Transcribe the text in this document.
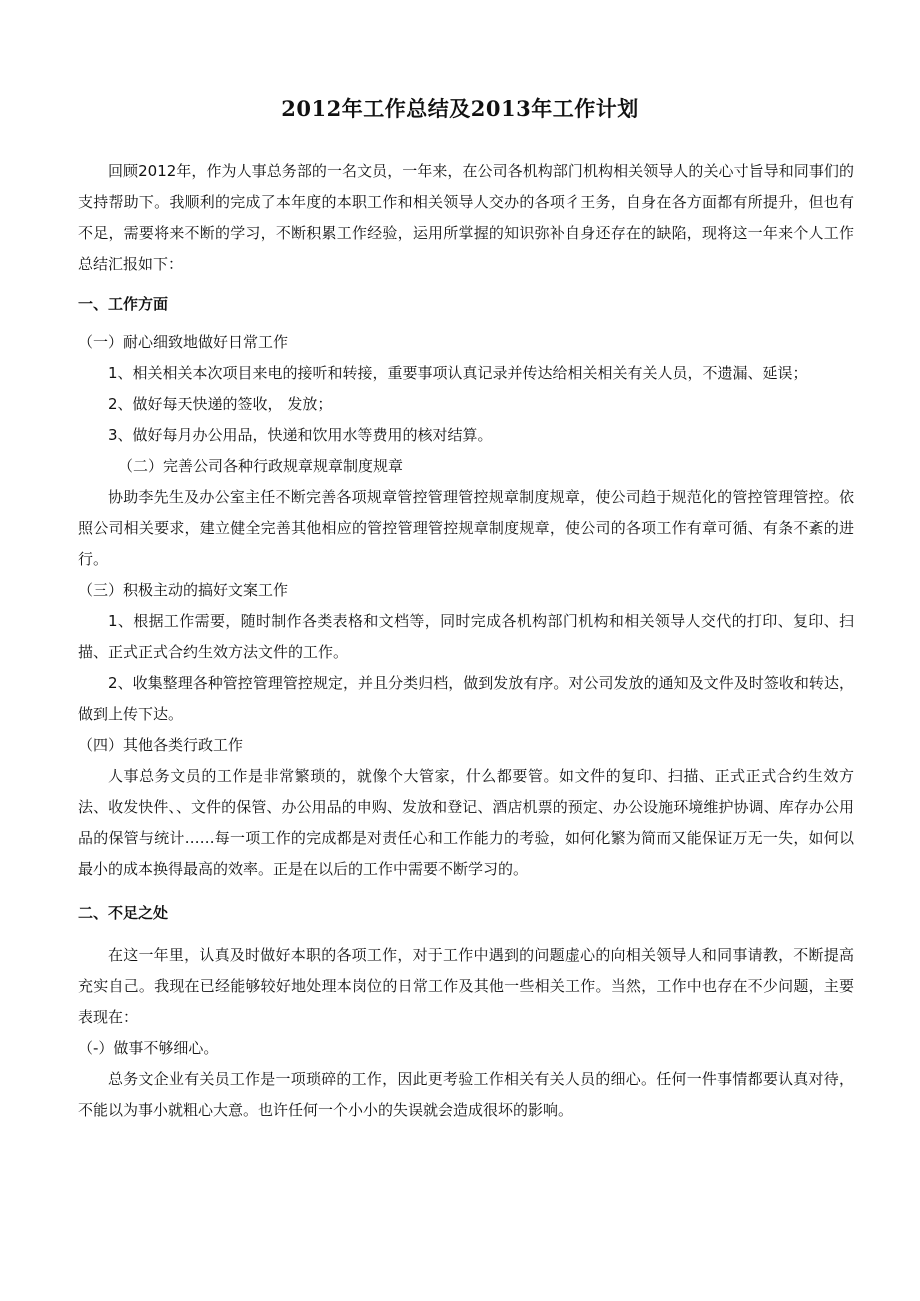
2012年工作总结及2013年工作计划

回顾2012年，作为人事总务部的一名文员，一年来，在公司各机构部门机构相关领导人的关心寸旨导和同事们的支持帮助下。我顺利的完成了本年度的本职工作和相关领导人交办的各项彳王务，自身在各方面都有所提升，但也有不足，需要将来不断的学习，不断积累工作经验，运用所掌握的知识弥补自身还存在的缺陷，现将这一年来个人工作总结汇报如下：

一、工作方面

（一）耐心细致地做好日常工作

1、相关相关本次项目来电的接听和转接，重要事项认真记录并传达给相关相关有关人员，不遗漏、延误；

2、做好每天快递的签收， 发放；

3、做好每月办公用品，快递和饮用水等费用的核对结算。

（二）完善公司各种行政规章规章制度规章

协助李先生及办公室主任不断完善各项规章管控管理管控规章制度规章，使公司趋于规范化的管控管理管控。依照公司相关要求，建立健全完善其他相应的管控管理管控规章制度规章，使公司的各项工作有章可循、有条不紊的进行。

（三）积极主动的搞好文案工作

1、根据工作需要，随时制作各类表格和文档等，同时完成各机构部门机构和相关领导人交代的打印、复印、扫描、正式正式合约生效方法文件的工作。

2、收集整理各种管控管理管控规定，并且分类归档，做到发放有序。对公司发放的通知及文件及时签收和转达，做到上传下达。

（四）其他各类行政工作

人事总务文员的工作是非常繁琐的，就像个大管家，什么都要管。如文件的复印、扫描、正式正式合约生效方法、收发快件、、文件的保管、办公用品的申购、发放和登记、酒店机票的预定、办公设施环境维护协调、库存办公用品的保管与统计……每一项工作的完成都是对责任心和工作能力的考验，如何化繁为简而又能保证万无一失，如何以最小的成本换得最高的效率。正是在以后的工作中需要不断学习的。

二、不足之处

在这一年里，认真及时做好本职的各项工作，对于工作中遇到的问题虚心的向相关领导人和同事请教，不断提高充实自己。我现在已经能够较好地处理本岗位的日常工作及其他一些相关工作。当然，工作中也存在不少问题，主要表现在：

（-）做事不够细心。

总务文企业有关员工作是一项琐碎的工作，因此更考验工作相关有关人员的细心。任何一件事情都要认真对待，不能以为事小就粗心大意。也许任何一个小小的失误就会造成很坏的影响。
